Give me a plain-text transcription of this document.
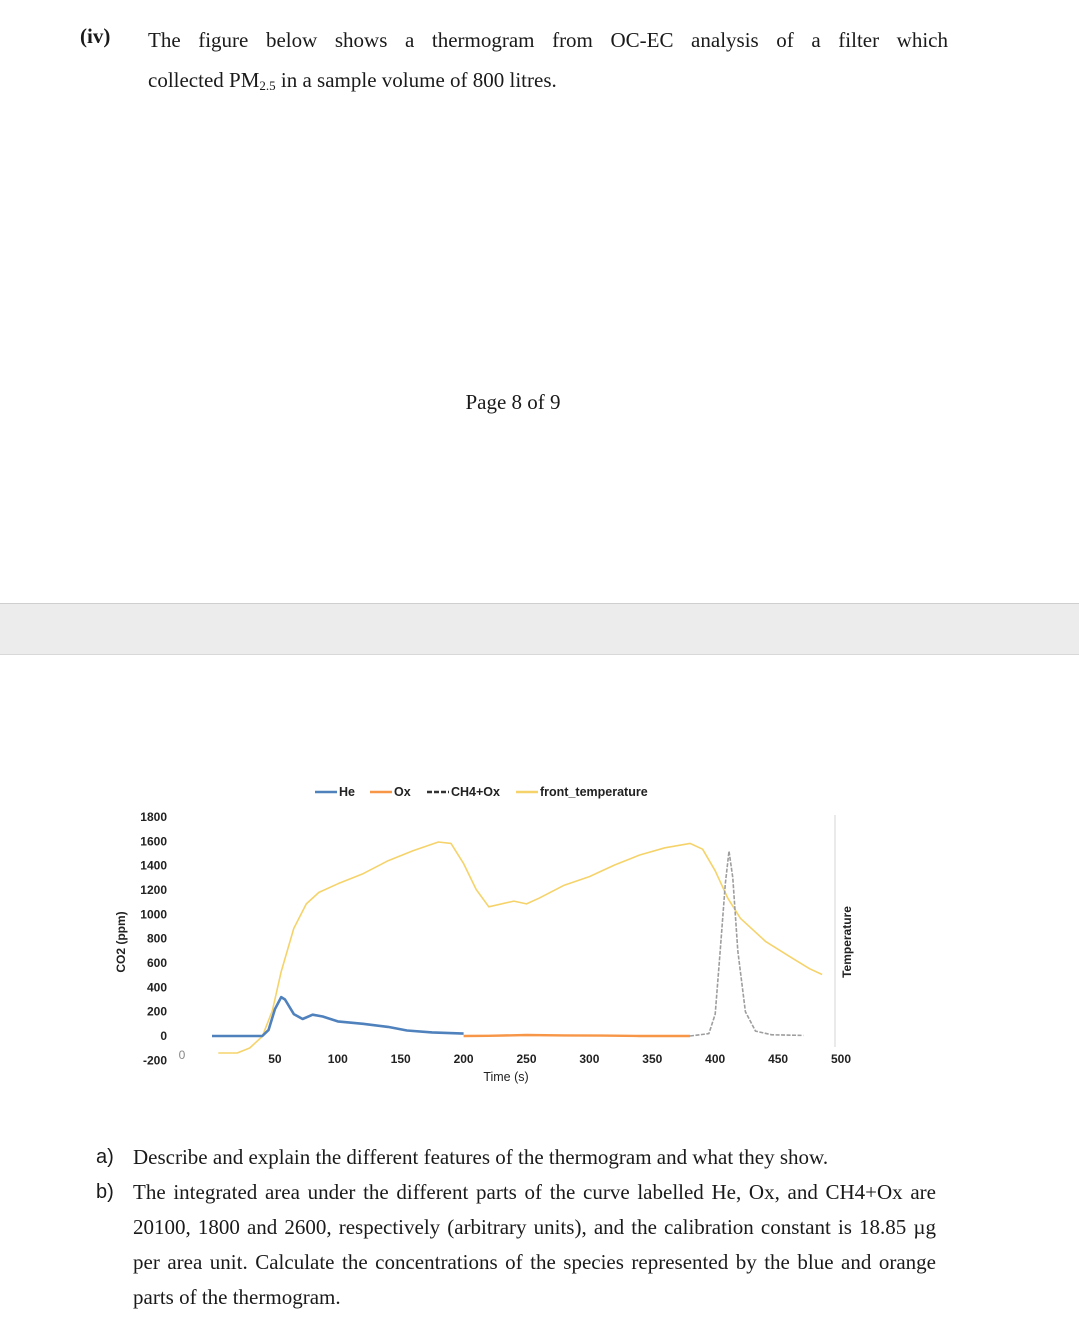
(iv) The figure below shows a thermogram from OC-EC analysis of a filter which
collected $PM_{2.5}$ in a sample volume of 800 litres.
Page 8 of 9
He	Ox	CH4+Ox	front_temperature
1800
1600
1400
1200
1000
800
600
400
200
0
-200 0	50	100	150	200	250	300	350	400	450	500
CO2 (ppm)	Temperature
Time (s)
a) Describe and explain the different features of the thermogram and what they show.
b) The integrated area under the different parts of the curve labelled He, Ox, and CH4+Ox are 20100, 1800 and 2600, respectively (arbitrary units), and the calibration constant is 18.85 µg per area unit. Calculate the concentrations of the species represented by the blue and orange parts of the thermogram.
